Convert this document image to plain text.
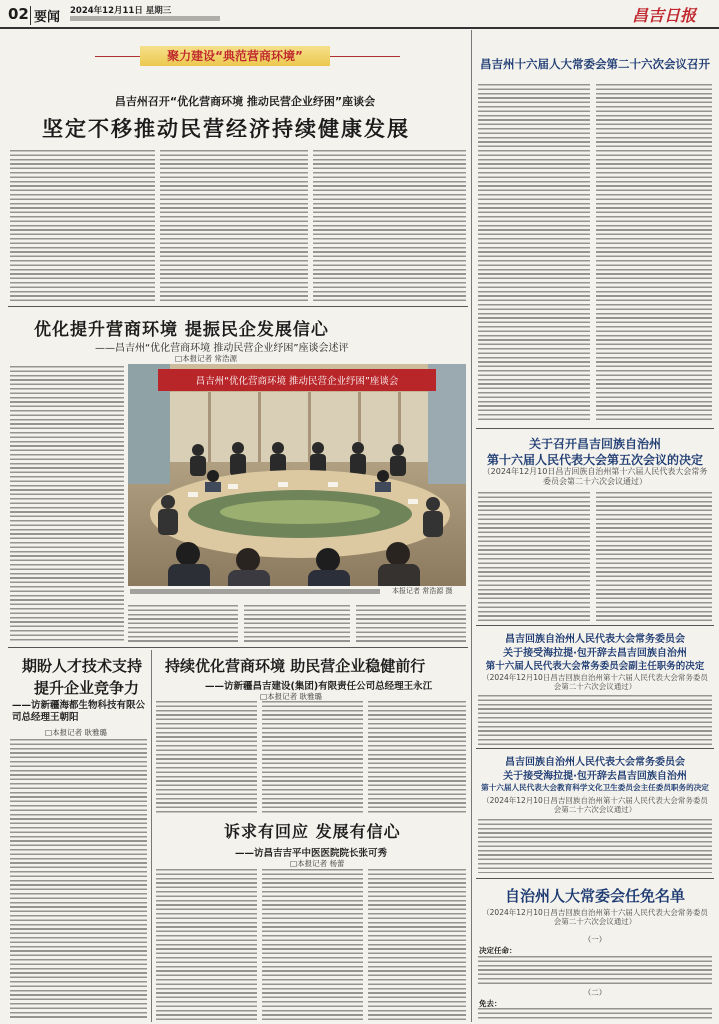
02 要闻 2024年12月11日 星期三	昌吉日报
聚力建设“典范营商环境”
昌吉州召开“优化营商环境 推动民营企业纾困”座谈会
坚定不移推动民营经济持续健康发展
优化提升营商环境 提振民企发展信心
——昌吉州“优化营商环境 推动民营企业纾困”座谈会述评
□本报记者 常浩源
昌吉州“优化营商环境 推动民营企业纾困”座谈会
本报记者 常浩源 摄
期盼人才技术支持
提升企业竞争力
——访新疆海都生物科技有限公司总经理王朝阳
□本报记者 耿雅璐
持续优化营商环境 助民营企业稳健前行
——访新疆昌吉建设(集团)有限责任公司总经理王永江
□本报记者 耿雅璐
诉求有回应 发展有信心
——访昌吉吉平中医医院院长张可秀
□本报记者 杨蕾
昌吉州十六届人大常委会第二十六次会议召开
关于召开昌吉回族自治州
第十六届人民代表大会第五次会议的决定
（2024年12月10日昌吉回族自治州第十六届人民代表大会常务委员会第二十六次会议通过）
昌吉回族自治州人民代表大会常务委员会
关于接受海拉提·包开辞去昌吉回族自治州
第十六届人民代表大会常务委员会副主任职务的决定
（2024年12月10日昌吉回族自治州第十六届人民代表大会常务委员会第二十六次会议通过）
昌吉回族自治州人民代表大会常务委员会
关于接受海拉提·包开辞去昌吉回族自治州
第十六届人民代表大会教育科学文化卫生委员会主任委员职务的决定
（2024年12月10日昌吉回族自治州第十六届人民代表大会常务委员会第二十六次会议通过）
自治州人大常委会任免名单
（2024年12月10日昌吉回族自治州第十六届人民代表大会常务委员会第二十六次会议通过）
（一）
决定任命：
（二）
免去：
